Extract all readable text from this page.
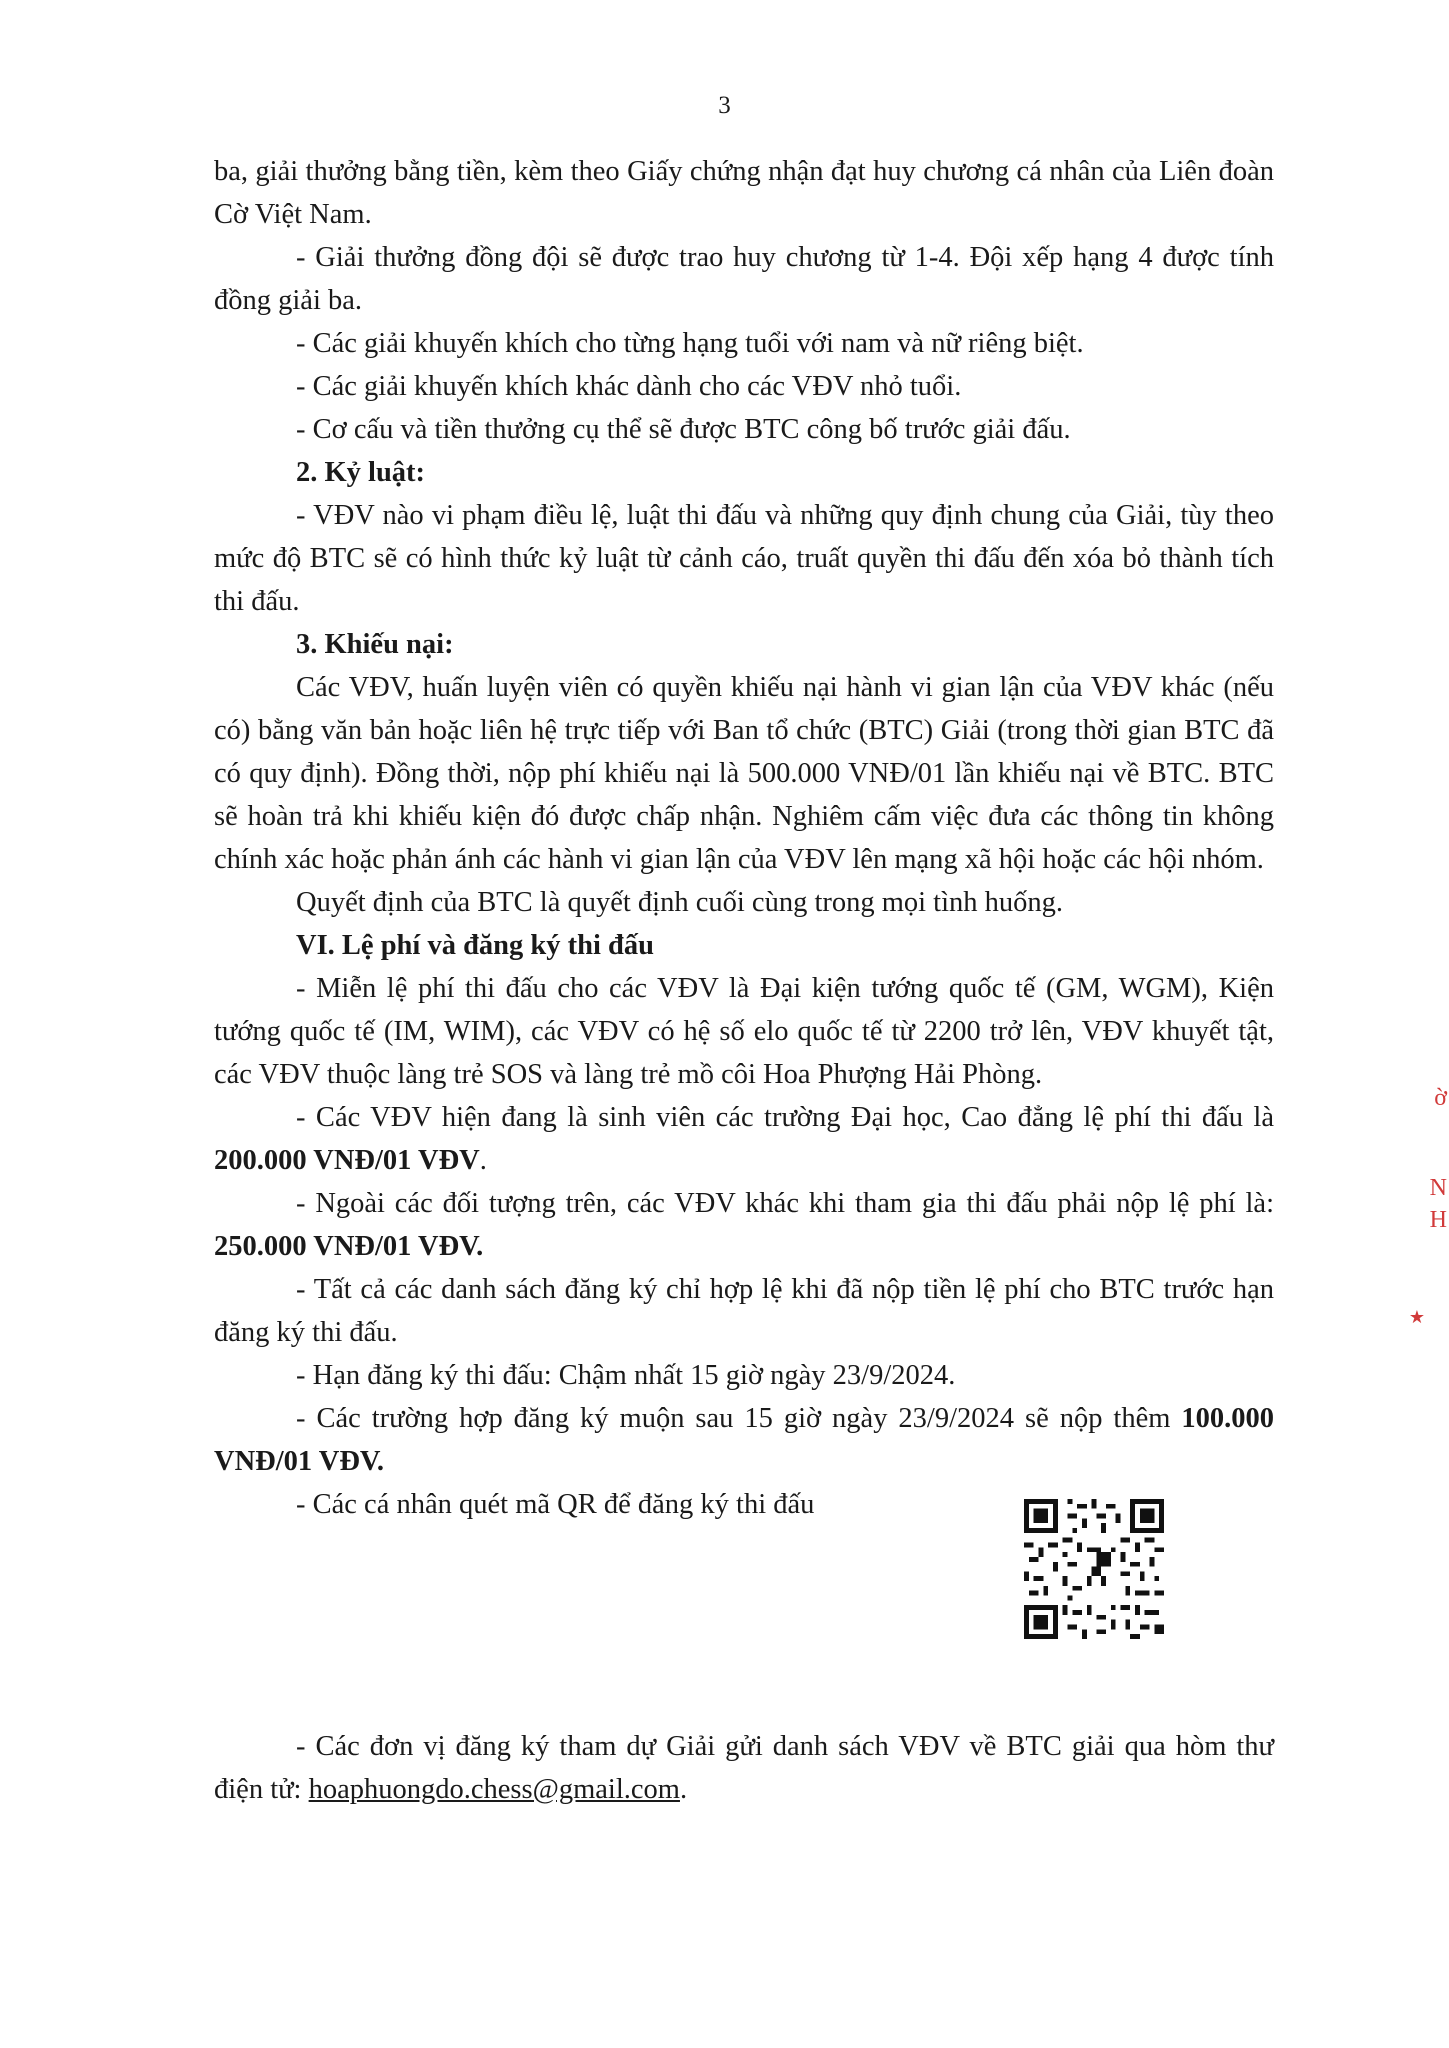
3

ba, giải thưởng bằng tiền, kèm theo Giấy chứng nhận đạt huy chương cá nhân của Liên đoàn Cờ Việt Nam.

- Giải thưởng đồng đội sẽ được trao huy chương từ 1-4. Đội xếp hạng 4 được tính đồng giải ba.

- Các giải khuyến khích cho từng hạng tuổi với nam và nữ riêng biệt.

- Các giải khuyến khích khác dành cho các VĐV nhỏ tuổi.

- Cơ cấu và tiền thưởng cụ thể sẽ được BTC công bố trước giải đấu.

2. Kỷ luật:

- VĐV nào vi phạm điều lệ, luật thi đấu và những quy định chung của Giải, tùy theo mức độ BTC sẽ có hình thức kỷ luật từ cảnh cáo, truất quyền thi đấu đến xóa bỏ thành tích thi đấu.

3. Khiếu nại:

Các VĐV, huấn luyện viên có quyền khiếu nại hành vi gian lận của VĐV khác (nếu có) bằng văn bản hoặc liên hệ trực tiếp với Ban tổ chức (BTC) Giải (trong thời gian BTC đã có quy định). Đồng thời, nộp phí khiếu nại là 500.000 VNĐ/01 lần khiếu nại về BTC. BTC sẽ hoàn trả khi khiếu kiện đó được chấp nhận. Nghiêm cấm việc đưa các thông tin không chính xác hoặc phản ánh các hành vi gian lận của VĐV lên mạng xã hội hoặc các hội nhóm.

Quyết định của BTC là quyết định cuối cùng trong mọi tình huống.

VI. Lệ phí và đăng ký thi đấu

- Miễn lệ phí thi đấu cho các VĐV là Đại kiện tướng quốc tế (GM, WGM), Kiện tướng quốc tế (IM, WIM), các VĐV có hệ số elo quốc tế từ 2200 trở lên, VĐV khuyết tật, các VĐV thuộc làng trẻ SOS và làng trẻ mồ côi Hoa Phượng Hải Phòng.

- Các VĐV hiện đang là sinh viên các trường Đại học, Cao đẳng lệ phí thi đấu là 200.000 VNĐ/01 VĐV.

- Ngoài các đối tượng trên, các VĐV khác khi tham gia thi đấu phải nộp lệ phí là: 250.000 VNĐ/01 VĐV.

- Tất cả các danh sách đăng ký chỉ hợp lệ khi đã nộp tiền lệ phí cho BTC trước hạn đăng ký thi đấu.

- Hạn đăng ký thi đấu: Chậm nhất 15 giờ ngày 23/9/2024.

- Các trường hợp đăng ký muộn sau 15 giờ ngày 23/9/2024 sẽ nộp thêm 100.000 VNĐ/01 VĐV.

- Các cá nhân quét mã QR để đăng ký thi đấu

- Các đơn vị đăng ký tham dự Giải gửi danh sách VĐV về BTC giải qua hòm thư điện tử: hoaphuongdo.chess@gmail.com.

ờ
N
H
★
